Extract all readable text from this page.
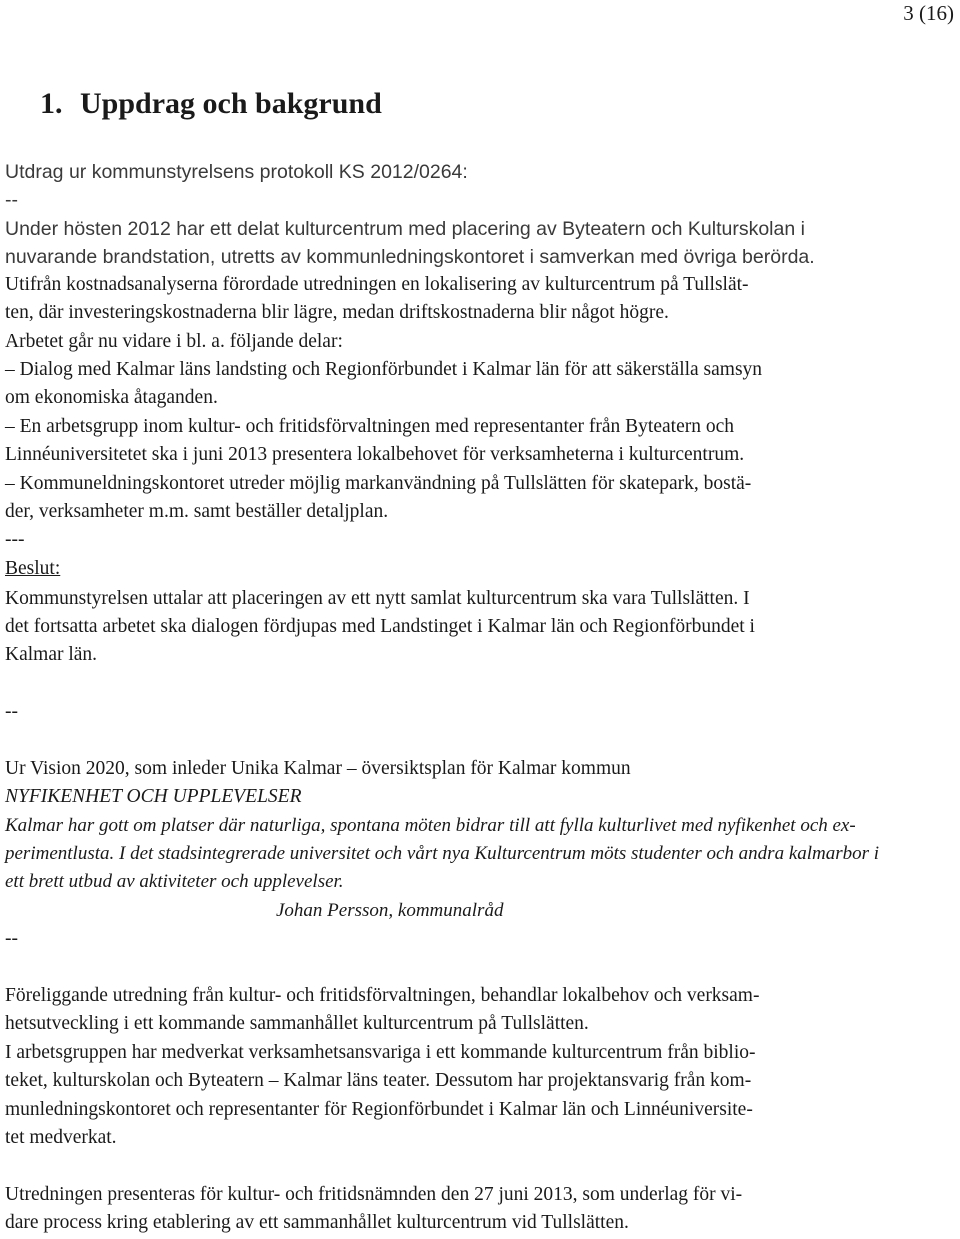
3 (16)

1. Uppdrag och bakgrund

Utdrag ur kommunstyrelsens protokoll KS 2012/0264:

--

Under hösten 2012 har ett delat kulturcentrum med placering av Byteatern och Kulturskolan i

nuvarande brandstation, utretts av kommunledningskontoret i samverkan med övriga berörda.

Utifrån kostnadsanalyserna förordade utredningen en lokalisering av kulturcentrum på Tullslät-

ten, där investeringskostnaderna blir lägre, medan driftskostnaderna blir något högre.

Arbetet går nu vidare i bl. a. följande delar:

– Dialog med Kalmar läns landsting och Regionförbundet i Kalmar län för att säkerställa samsyn

om ekonomiska åtaganden.

– En arbetsgrupp inom kultur- och fritidsförvaltningen med representanter från Byteatern och

Linnéuniversitetet ska i juni 2013 presentera lokalbehovet för verksamheterna i kulturcentrum.

– Kommuneldningskontoret utreder möjlig markanvändning på Tullslätten för skatepark, bostä-

der, verksamheter m.m. samt beställer detaljplan.

---

Beslut:

Kommunstyrelsen uttalar att placeringen av ett nytt samlat kulturcentrum ska vara Tullslätten. I

det fortsatta arbetet ska dialogen fördjupas med Landstinget i Kalmar län och Regionförbundet i

Kalmar län.

--

Ur Vision 2020, som inleder Unika Kalmar – översiktsplan för Kalmar kommun

NYFIKENHET OCH UPPLEVELSER

Kalmar har gott om platser där naturliga, spontana möten bidrar till att fylla kulturlivet med nyfikenhet och ex-

perimentlusta. I det stadsintegrerade universitet och vårt nya Kulturcentrum möts studenter och andra kalmarbor i

ett brett utbud av aktiviteter och upplevelser.

Johan Persson, kommunalråd

--

Föreliggande utredning från kultur- och fritidsförvaltningen, behandlar lokalbehov och verksam-

hetsutveckling i ett kommande sammanhållet kulturcentrum på Tullslätten.

I arbetsgruppen har medverkat verksamhetsansvariga i ett kommande kulturcentrum från biblio-

teket, kulturskolan och Byteatern – Kalmar läns teater. Dessutom har projektansvarig från kom-

munledningskontoret och representanter för Regionförbundet i Kalmar län och Linnéuniversite-

tet medverkat.

Utredningen presenteras för kultur- och fritidsnämnden den 27 juni 2013, som underlag för vi-

dare process kring etablering av ett sammanhållet kulturcentrum vid Tullslätten.
